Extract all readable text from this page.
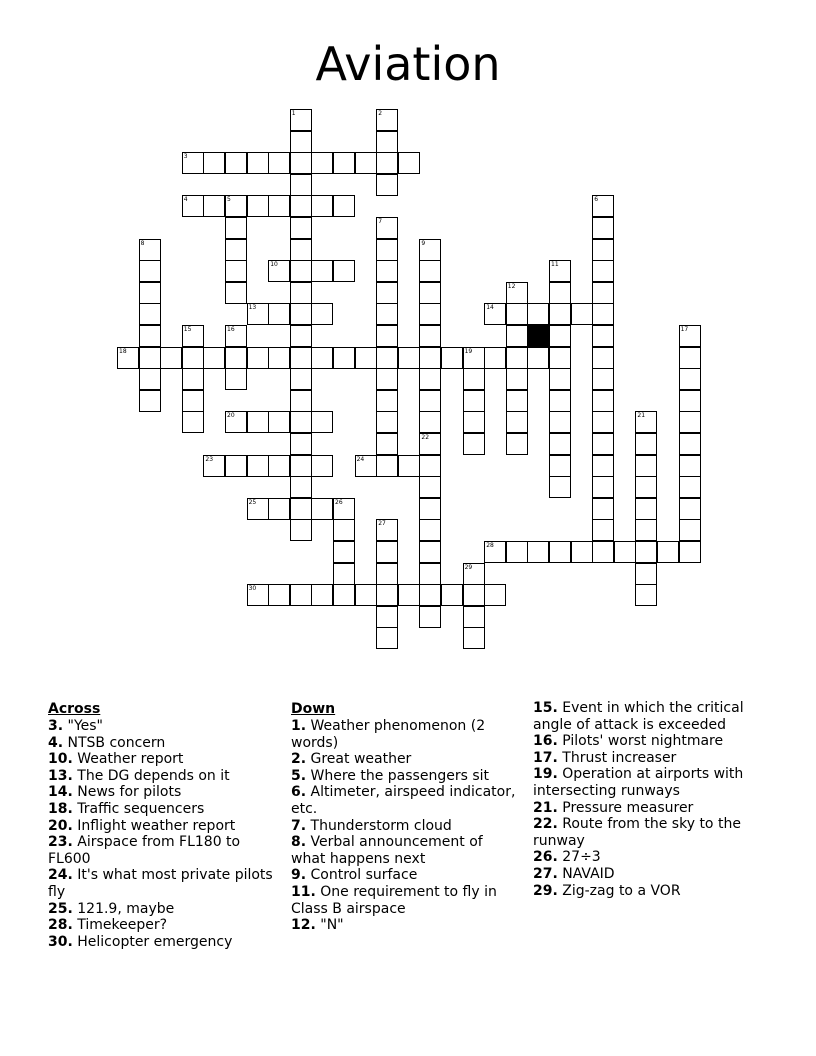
Aviation
1	2
3
4	5	6
7
8	9
22
10	11
12
13	14
15	16	17
18	19
20	21
23	24
25	26
27
28
29
30
Across
3. "Yes"
4. NTSB concern
10. Weather report
13. The DG depends on it
14. News for pilots
18. Traffic sequencers
20. Inflight weather report
23. Airspace from FL180 to FL600
24. It's what most private pilots fly
25. 121.9, maybe
28. Timekeeper?
30. Helicopter emergency
Down
1. Weather phenomenon (2 words)
2. Great weather
5. Where the passengers sit
6. Altimeter, airspeed indicator, etc.
7. Thunderstorm cloud
8. Verbal announcement of what happens next
9. Control surface
11. One requirement to fly in Class B airspace
12. "N"
15. Event in which the critical angle of attack is exceeded
16. Pilots' worst nightmare
17. Thrust increaser
19. Operation at airports with intersecting runways
21. Pressure measurer
22. Route from the sky to the runway
26. 27÷3
27. NAVAID
29. Zig-zag to a VOR
